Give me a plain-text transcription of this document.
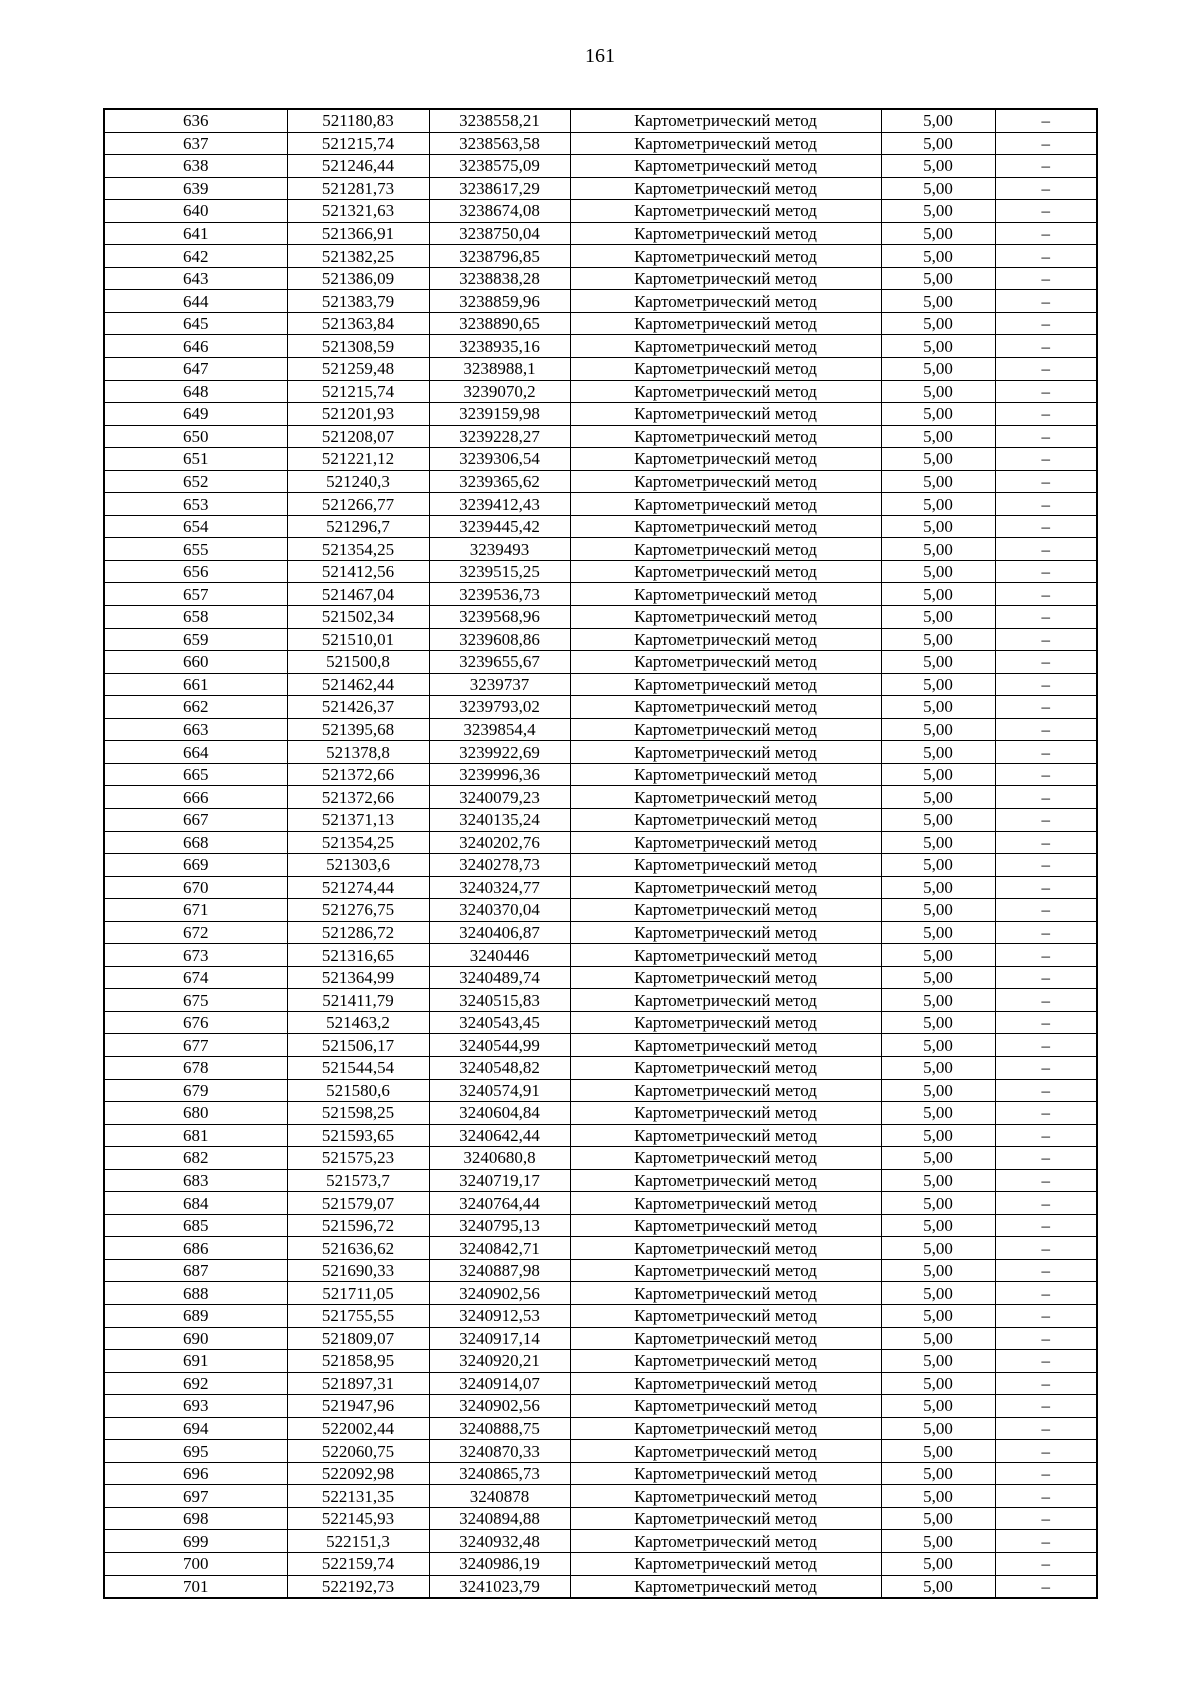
161
636	521180,83	3238558,21	Картометрический метод	5,00	–
637	521215,74	3238563,58	Картометрический метод	5,00	–
638	521246,44	3238575,09	Картометрический метод	5,00	–
639	521281,73	3238617,29	Картометрический метод	5,00	–
640	521321,63	3238674,08	Картометрический метод	5,00	–
641	521366,91	3238750,04	Картометрический метод	5,00	–
642	521382,25	3238796,85	Картометрический метод	5,00	–
643	521386,09	3238838,28	Картометрический метод	5,00	–
644	521383,79	3238859,96	Картометрический метод	5,00	–
645	521363,84	3238890,65	Картометрический метод	5,00	–
646	521308,59	3238935,16	Картометрический метод	5,00	–
647	521259,48	3238988,1	Картометрический метод	5,00	–
648	521215,74	3239070,2	Картометрический метод	5,00	–
649	521201,93	3239159,98	Картометрический метод	5,00	–
650	521208,07	3239228,27	Картометрический метод	5,00	–
651	521221,12	3239306,54	Картометрический метод	5,00	–
652	521240,3	3239365,62	Картометрический метод	5,00	–
653	521266,77	3239412,43	Картометрический метод	5,00	–
654	521296,7	3239445,42	Картометрический метод	5,00	–
655	521354,25	3239493	Картометрический метод	5,00	–
656	521412,56	3239515,25	Картометрический метод	5,00	–
657	521467,04	3239536,73	Картометрический метод	5,00	–
658	521502,34	3239568,96	Картометрический метод	5,00	–
659	521510,01	3239608,86	Картометрический метод	5,00	–
660	521500,8	3239655,67	Картометрический метод	5,00	–
661	521462,44	3239737	Картометрический метод	5,00	–
662	521426,37	3239793,02	Картометрический метод	5,00	–
663	521395,68	3239854,4	Картометрический метод	5,00	–
664	521378,8	3239922,69	Картометрический метод	5,00	–
665	521372,66	3239996,36	Картометрический метод	5,00	–
666	521372,66	3240079,23	Картометрический метод	5,00	–
667	521371,13	3240135,24	Картометрический метод	5,00	–
668	521354,25	3240202,76	Картометрический метод	5,00	–
669	521303,6	3240278,73	Картометрический метод	5,00	–
670	521274,44	3240324,77	Картометрический метод	5,00	–
671	521276,75	3240370,04	Картометрический метод	5,00	–
672	521286,72	3240406,87	Картометрический метод	5,00	–
673	521316,65	3240446	Картометрический метод	5,00	–
674	521364,99	3240489,74	Картометрический метод	5,00	–
675	521411,79	3240515,83	Картометрический метод	5,00	–
676	521463,2	3240543,45	Картометрический метод	5,00	–
677	521506,17	3240544,99	Картометрический метод	5,00	–
678	521544,54	3240548,82	Картометрический метод	5,00	–
679	521580,6	3240574,91	Картометрический метод	5,00	–
680	521598,25	3240604,84	Картометрический метод	5,00	–
681	521593,65	3240642,44	Картометрический метод	5,00	–
682	521575,23	3240680,8	Картометрический метод	5,00	–
683	521573,7	3240719,17	Картометрический метод	5,00	–
684	521579,07	3240764,44	Картометрический метод	5,00	–
685	521596,72	3240795,13	Картометрический метод	5,00	–
686	521636,62	3240842,71	Картометрический метод	5,00	–
687	521690,33	3240887,98	Картометрический метод	5,00	–
688	521711,05	3240902,56	Картометрический метод	5,00	–
689	521755,55	3240912,53	Картометрический метод	5,00	–
690	521809,07	3240917,14	Картометрический метод	5,00	–
691	521858,95	3240920,21	Картометрический метод	5,00	–
692	521897,31	3240914,07	Картометрический метод	5,00	–
693	521947,96	3240902,56	Картометрический метод	5,00	–
694	522002,44	3240888,75	Картометрический метод	5,00	–
695	522060,75	3240870,33	Картометрический метод	5,00	–
696	522092,98	3240865,73	Картометрический метод	5,00	–
697	522131,35	3240878	Картометрический метод	5,00	–
698	522145,93	3240894,88	Картометрический метод	5,00	–
699	522151,3	3240932,48	Картометрический метод	5,00	–
700	522159,74	3240986,19	Картометрический метод	5,00	–
701	522192,73	3241023,79	Картометрический метод	5,00	–
